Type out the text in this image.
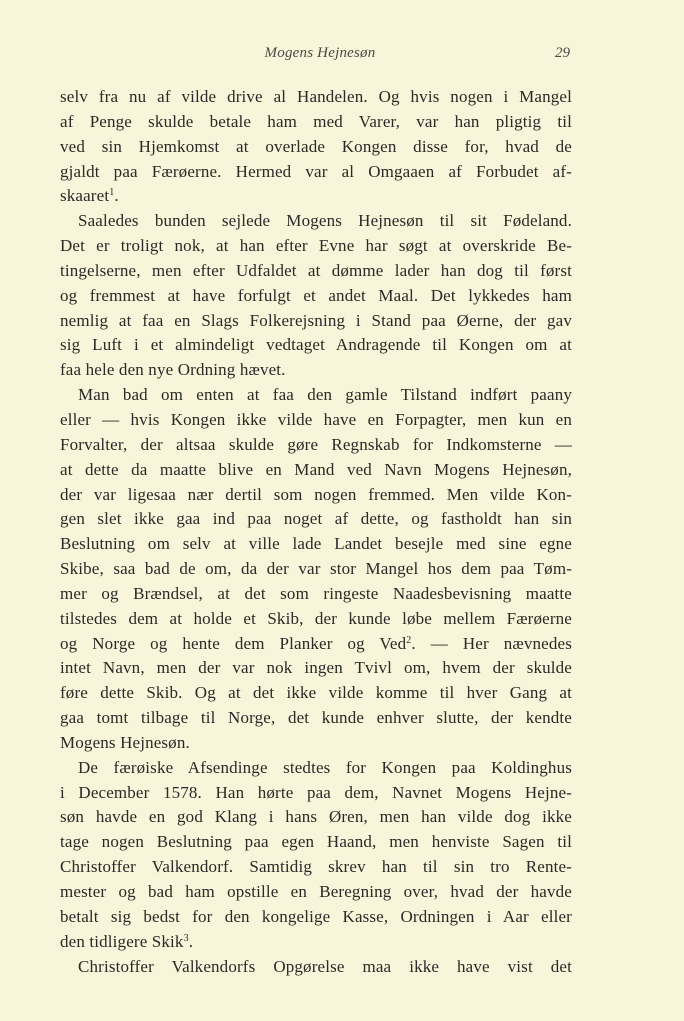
Mogens Hejnesøn	29
selv fra nu af vilde drive al Handelen. Og hvis nogen i Mangel
af Penge skulde betale ham med Varer, var han pligtig til
ved sin Hjemkomst at overlade Kongen disse for, hvad de
gjaldt paa Færøerne. Hermed var al Omgaaen af Forbudet af-
skaaret$^1$.
Saaledes bunden sejlede Mogens Hejnesøn til sit Fødeland.
Det er troligt nok, at han efter Evne har søgt at overskride Be-
tingelserne, men efter Udfaldet at dømme lader han dog til først
og fremmest at have forfulgt et andet Maal. Det lykkedes ham
nemlig at faa en Slags Folkerejsning i Stand paa Øerne, der gav
sig Luft i et almindeligt vedtaget Andragende til Kongen om at
faa hele den nye Ordning hævet.
Man bad om enten at faa den gamle Tilstand indført paany
eller — hvis Kongen ikke vilde have en Forpagter, men kun en
Forvalter, der altsaa skulde gøre Regnskab for Indkomsterne —
at dette da maatte blive en Mand ved Navn Mogens Hejnesøn,
der var ligesaa nær dertil som nogen fremmed. Men vilde Kon-
gen slet ikke gaa ind paa noget af dette, og fastholdt han sin
Beslutning om selv at ville lade Landet besejle med sine egne
Skibe, saa bad de om, da der var stor Mangel hos dem paa Tøm-
mer og Brændsel, at det som ringeste Naadesbevisning maatte
tilstedes dem at holde et Skib, der kunde løbe mellem Færøerne
og Norge og hente dem Planker og Ved$^2$. — Her nævnedes
intet Navn, men der var nok ingen Tvivl om, hvem der skulde
føre dette Skib. Og at det ikke vilde komme til hver Gang at
gaa tomt tilbage til Norge, det kunde enhver slutte, der kendte
Mogens Hejnesøn.
De færøiske Afsendinge stedtes for Kongen paa Koldinghus
i December 1578. Han hørte paa dem, Navnet Mogens Hejne-
søn havde en god Klang i hans Øren, men han vilde dog ikke
tage nogen Beslutning paa egen Haand, men henviste Sagen til
Christoffer Valkendorf. Samtidig skrev han til sin tro Rente-
mester og bad ham opstille en Beregning over, hvad der havde
betalt sig bedst for den kongelige Kasse, Ordningen i Aar eller
den tidligere Skik$^3$.
Christoffer Valkendorfs Opgørelse maa ikke have vist det
